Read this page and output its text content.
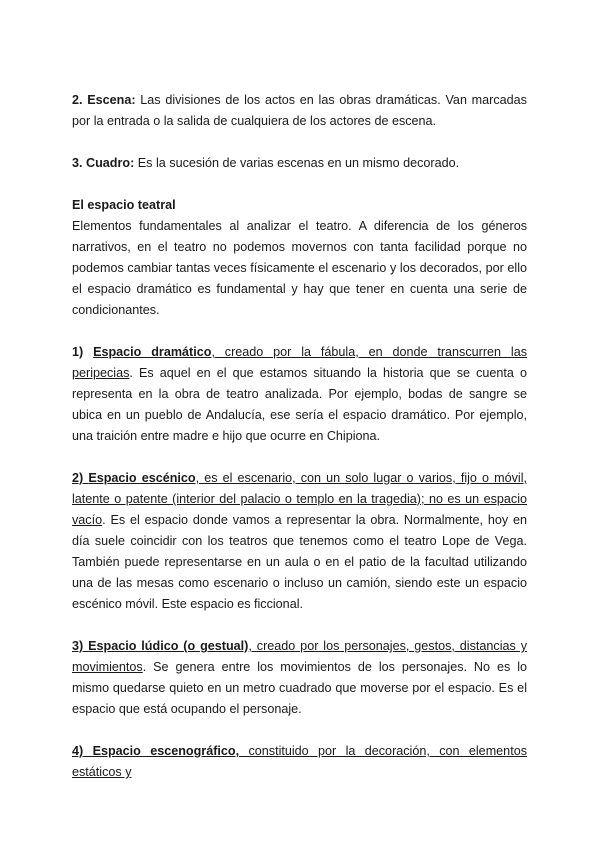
2. Escena: Las divisiones de los actos en las obras dramáticas. Van marcadas por la entrada o la salida de cualquiera de los actores de escena.

3. Cuadro: Es la sucesión de varias escenas en un mismo decorado.

El espacio teatral

Elementos fundamentales al analizar el teatro. A diferencia de los géneros narrativos, en el teatro no podemos movernos con tanta facilidad porque no podemos cambiar tantas veces físicamente el escenario y los decorados, por ello el espacio dramático es fundamental y hay que tener en cuenta una serie de condicionantes.

1) Espacio dramático, creado por la fábula, en donde transcurren las peripecias. Es aquel en el que estamos situando la historia que se cuenta o representa en la obra de teatro analizada. Por ejemplo, bodas de sangre se ubica en un pueblo de Andalucía, ese sería el espacio dramático. Por ejemplo, una traición entre madre e hijo que ocurre en Chipiona.

2) Espacio escénico, es el escenario, con un solo lugar o varios, fijo o móvil, latente o patente (interior del palacio o templo en la tragedia); no es un espacio vacío. Es el espacio donde vamos a representar la obra. Normalmente, hoy en día suele coincidir con los teatros que tenemos como el teatro Lope de Vega. También puede representarse en un aula o en el patio de la facultad utilizando una de las mesas como escenario o incluso un camión, siendo este un espacio escénico móvil. Este espacio es ficcional.

3) Espacio lúdico (o gestual), creado por los personajes, gestos, distancias y movimientos. Se genera entre los movimientos de los personajes. No es lo mismo quedarse quieto en un metro cuadrado que moverse por el espacio. Es el espacio que está ocupando el personaje.

4) Espacio escenográfico, constituido por la decoración, con elementos estáticos y
